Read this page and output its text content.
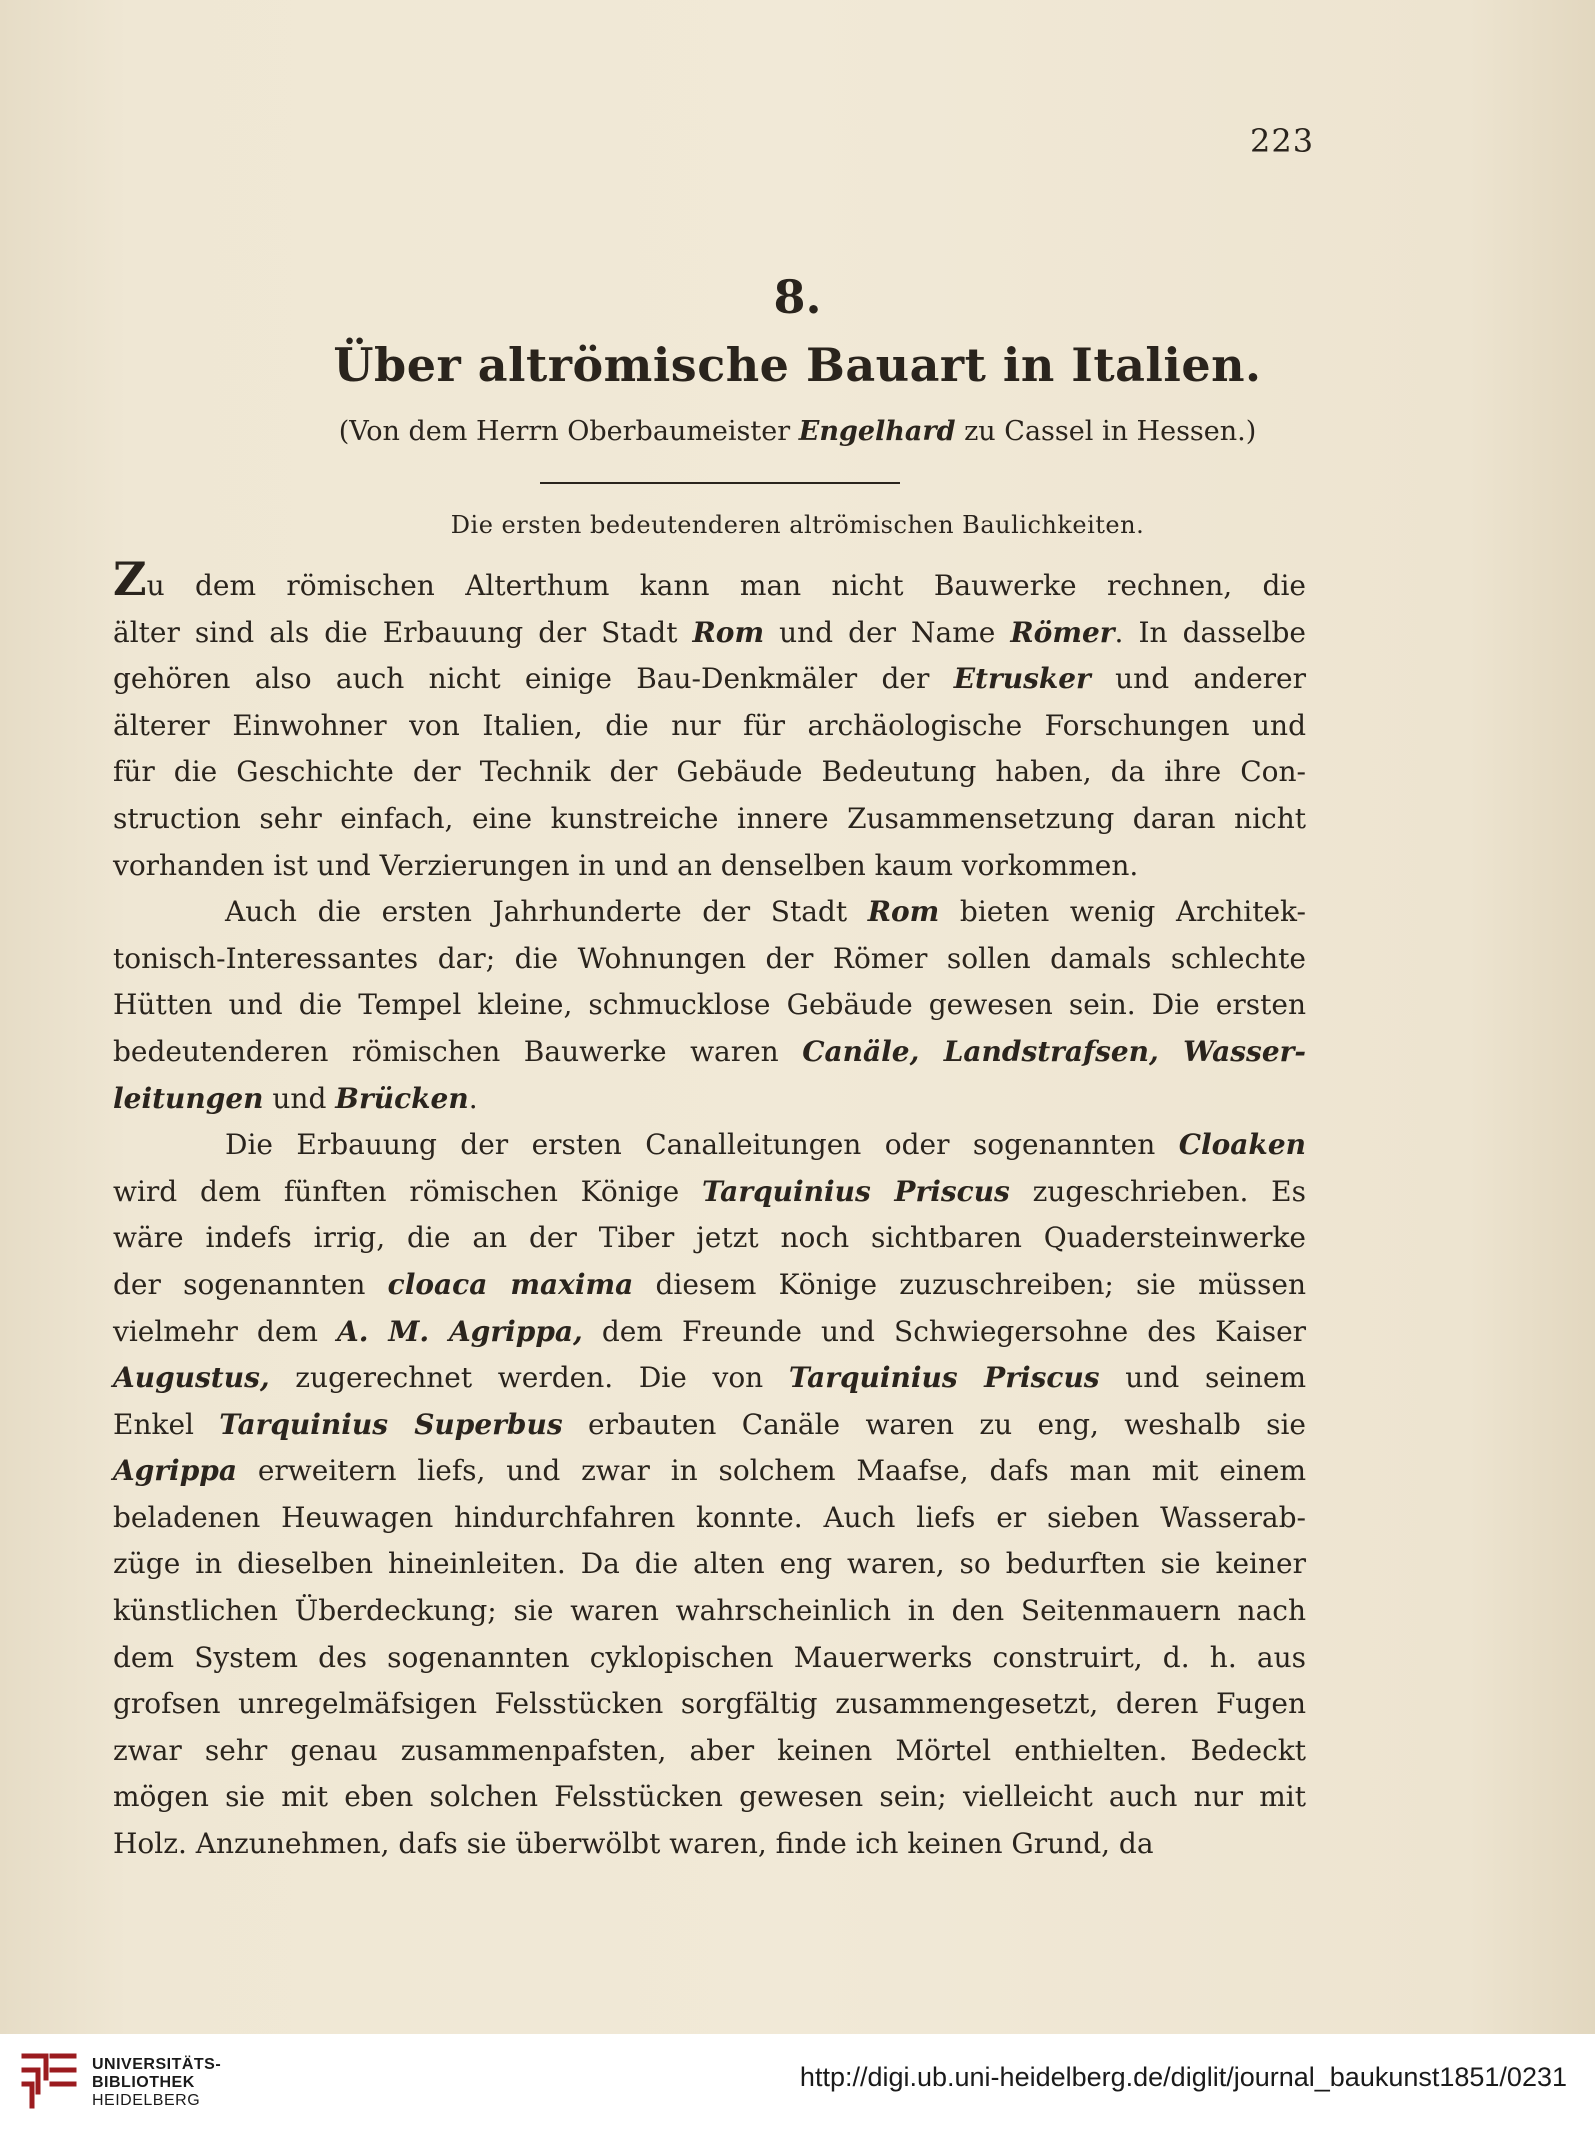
223
8.
Über altrömische Bauart in Italien.
(Von dem Herrn Oberbaumeister Engelhard zu Cassel in Hessen.)
Die ersten bedeutenderen altrömischen Baulichkeiten.
Zu dem römischen Alterthum kann man nicht Bauwerke rechnen, die
älter sind als die Erbauung der Stadt Rom und der Name Römer. In dasselbe
gehören also auch nicht einige Bau-Denkmäler der Etrusker und anderer
älterer Einwohner von Italien, die nur für archäologische Forschungen und
für die Geschichte der Technik der Gebäude Bedeutung haben, da ihre Con-
struction sehr einfach, eine kunstreiche innere Zusammensetzung daran nicht
vorhanden ist und Verzierungen in und an denselben kaum vorkommen.
Auch die ersten Jahrhunderte der Stadt Rom bieten wenig Architek-
tonisch-Interessantes dar; die Wohnungen der Römer sollen damals schlechte
Hütten und die Tempel kleine, schmucklose Gebäude gewesen sein. Die ersten
bedeutenderen römischen Bauwerke waren Canäle, Landstrafsen, Wasser-
leitungen und Brücken.
Die Erbauung der ersten Canalleitungen oder sogenannten Cloaken
wird dem fünften römischen Könige Tarquinius Priscus zugeschrieben. Es
wäre indefs irrig, die an der Tiber jetzt noch sichtbaren Quadersteinwerke
der sogenannten cloaca maxima diesem Könige zuzuschreiben; sie müssen
vielmehr dem A. M. Agrippa, dem Freunde und Schwiegersohne des Kaiser
Augustus, zugerechnet werden. Die von Tarquinius Priscus und seinem
Enkel Tarquinius Superbus erbauten Canäle waren zu eng, weshalb sie
Agrippa erweitern liefs, und zwar in solchem Maafse, dafs man mit einem
beladenen Heuwagen hindurchfahren konnte. Auch liefs er sieben Wasserab-
züge in dieselben hineinleiten. Da die alten eng waren, so bedurften sie keiner
künstlichen Überdeckung; sie waren wahrscheinlich in den Seitenmauern nach
dem System des sogenannten cyklopischen Mauerwerks construirt, d. h. aus
grofsen unregelmäfsigen Felsstücken sorgfältig zusammengesetzt, deren Fugen
zwar sehr genau zusammenpafsten, aber keinen Mörtel enthielten. Bedeckt
mögen sie mit eben solchen Felsstücken gewesen sein; vielleicht auch nur mit
Holz. Anzunehmen, dafs sie überwölbt waren, finde ich keinen Grund, da
UNIVERSITÄTS-
BIBLIOTHEK
HEIDELBERG
http://digi.ub.uni-heidelberg.de/diglit/journal_baukunst1851/0231
